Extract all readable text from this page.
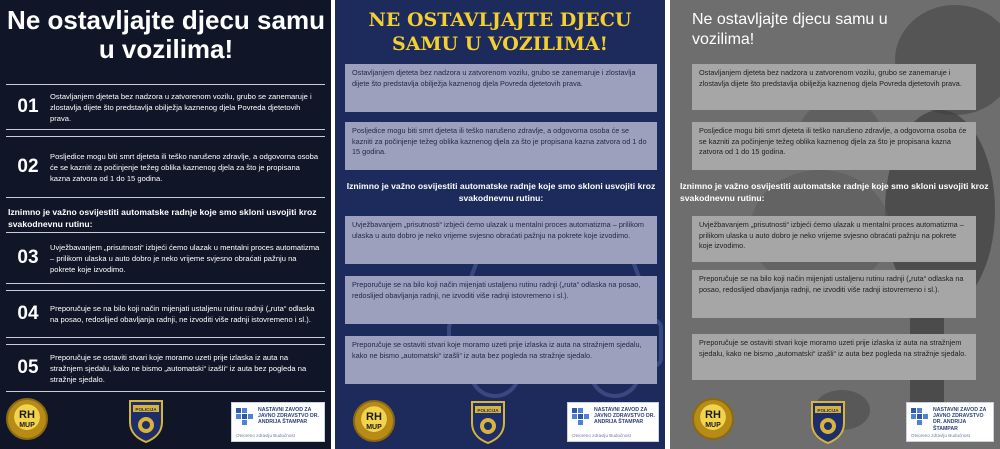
Ne ostavljajte djecu samu u vozilima!
01	Ostavljanjem djeteta bez nadzora u zatvorenom vozilu, grubo se zanemaruje i zlostavlja dijete što predstavlja obilježja kaznenog djela Povreda djetetovih prava.
02	Posljedice mogu biti smrt djeteta ili teško narušeno zdravlje, a odgovorna osoba će se kazniti za počinjenje težeg oblika kaznenog djela za što je propisana kazna zatvora od 1 do 15 godina.
Iznimno je važno osvijestiti automatske radnje koje smo skloni usvojiti kroz svakodnevnu rutinu:
03	Uvježbavanjem „prisutnosti“ izbjeći ćemo ulazak u mentalni proces automatizma – prilikom ulaska u auto dobro je neko vrijeme svjesno obraćati pažnju na pokrete koje izvodimo.
04	Preporučuje se na bilo koji način mijenjati ustaljenu rutinu radnji („ruta“ odlaska na posao, redoslijed obavljanja radnji, ne izvoditi više radnji istovremeno i sl.).
05	Preporučuje se ostaviti stvari koje moramo uzeti prije izlaska iz auta na stražnjem sjedalu, kako ne bismo „automatski“ izašli“ iz auta bez pogleda na stražnje sjedalo.
RH
MUP
POLICIJA	NASTAVNI ZAVOD ZA JAVNO ZDRAVSTVO DR. ANDRIJA ŠTAMPAR
Otvoreno zdravlju Budućnost
NE OSTAVLJAJTE DJECU SAMU U VOZILIMA!
Ostavljanjem djeteta bez nadzora u zatvorenom vozilu, grubo se zanemaruje i zlostavlja dijete što predstavlja obilježja kaznenog djela Povreda djetetovih prava.
Posljedice mogu biti smrt djeteta ili teško narušeno zdravlje, a odgovorna osoba će se kazniti za počinjenje težeg oblika kaznenog djela za što je propisana kazna zatvora od 1 do 15 godina.
Iznimno je važno osvijestiti automatske radnje koje smo skloni usvojiti kroz svakodnevnu rutinu:
Uvježbavanjem „prisutnosti“ izbjeći ćemo ulazak u mentalni proces automatizma – prilikom ulaska u auto dobro je neko vrijeme svjesno obraćati pažnju na pokrete koje izvodimo.
Preporučuje se na bilo koji način mijenjati ustaljenu rutinu radnji („ruta“ odlaska na posao, redoslijed obavljanja radnji, ne izvoditi više radnji istovremeno i sl.).
Preporučuje se ostaviti stvari koje moramo uzeti prije izlaska iz auta na stražnjem sjedalu, kako ne bismo „automatski“ izašli“ iz auta bez pogleda na stražnje sjedalo.
RH
MUP
POLICIJA	NASTAVNI ZAVOD ZA JAVNO ZDRAVSTVO DR. ANDRIJA ŠTAMPAR
Otvoreno zdravlju Budućnost
Ne ostavljajte djecu samu u vozilima!
Ostavljanjem djeteta bez nadzora u zatvorenom vozilu, grubo se zanemaruje i zlostavlja dijete što predstavlja obilježja kaznenog djela Povreda djetetovih prava.
Posljedice mogu biti smrt djeteta ili teško narušeno zdravlje, a odgovorna osoba će se kazniti za počinjenje težeg oblika kaznenog djela za što je propisana kazna zatvora od 1 do 15 godina.
Iznimno je važno osvijestiti automatske radnje koje smo skloni usvojiti kroz svakodnevnu rutinu:
Uvježbavanjem „prisutnosti“ izbjeći ćemo ulazak u mentalni proces automatizma – prilikom ulaska u auto dobro je neko vrijeme svjesno obraćati pažnju na pokrete koje izvodimo.
Preporučuje se na bilo koji način mijenjati ustaljenu rutinu radnji („ruta“ odlaska na posao, redoslijed obavljanja radnji, ne izvoditi više radnji istovremeno i sl.).
Preporučuje se ostaviti stvari koje moramo uzeti prije izlaska iz auta na stražnjem sjedalu, kako ne bismo „automatski“ izašli“ iz auta bez pogleda na stražnje sjedalo.
RH
MUP
POLICIJA	NASTAVNI ZAVOD ZA JAVNO ZDRAVSTVO DR. ANDRIJA ŠTAMPAR
Otvoreno zdravlju Budućnost
